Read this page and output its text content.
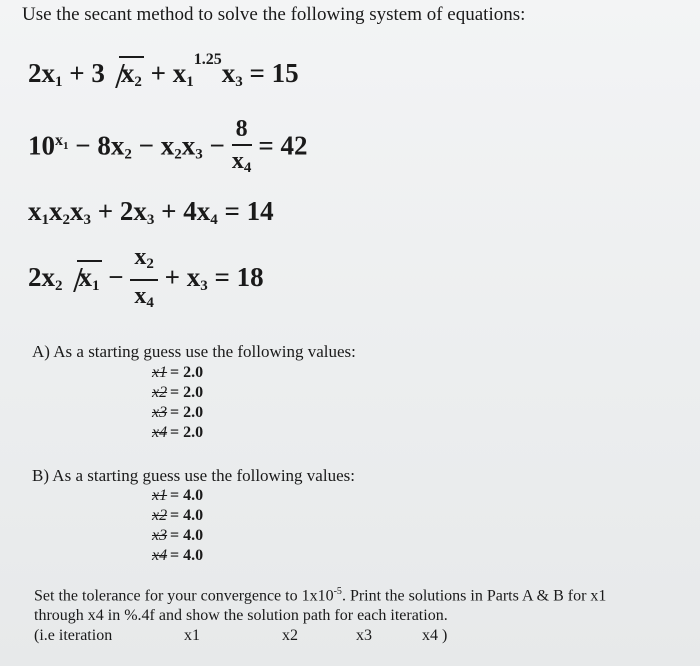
Use the secant method to solve the following system of equations:
$2x_1 + 3$ $x_2 + x_1^{1.25}x_3 = 15$
$10^{x_1} - 8x_2 - x_2x_3 - \frac{8}{x_4} = 42$
$x_1x_2x_3 + 2x_3 + 4x_4 = 14$
$2x_2$ $x_1 - \frac{x_2}{x_4} + x_3 = 18$
A) As a starting guess use the following values:
x1 = 2.0
x2 = 2.0
x3 = 2.0
x4 = 2.0
B) As a starting guess use the following values:
x1 = 4.0
x2 = 4.0
x3 = 4.0
x4 = 4.0
Set the tolerance for your convergence to $1x10^{-5}$. Print the solutions in Parts A & B for x1
through x4 in %.4f and show the solution path for each iteration.
(i.e iteration	x1	x2	x3	x4 )
